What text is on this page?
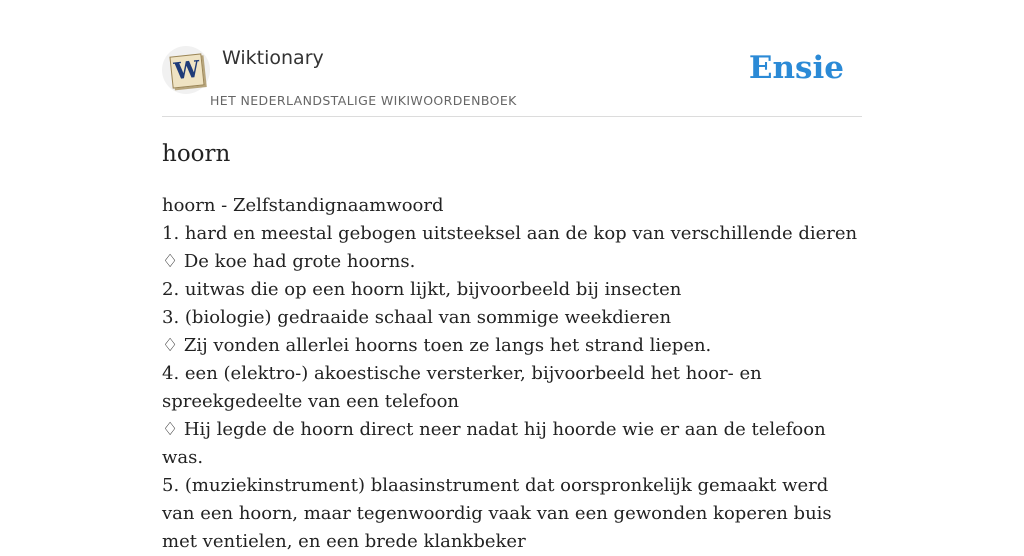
W Wiktionary
HET NEDERLANDSTALIGE WIKIWOORDENBOEK
Ensie
hoorn

hoorn - Zelfstandignaamwoord

1. hard en meestal gebogen uitsteeksel aan de kop van verschillende dieren

♢ De koe had grote hoorns.

2. uitwas die op een hoorn lijkt, bijvoorbeeld bij insecten

3. (biologie) gedraaide schaal van sommige weekdieren

♢ Zij vonden allerlei hoorns toen ze langs het strand liepen.

4. een (elektro-) akoestische versterker, bijvoorbeeld het hoor- en spreekgedeelte van een telefoon

♢ Hij legde de hoorn direct neer nadat hij hoorde wie er aan de telefoon was.

5. (muziekinstrument) blaasinstrument dat oorspronkelijk gemaakt werd van een hoorn, maar tegenwoordig vaak van een gewonden koperen buis met ventielen, en een brede klankbeker
